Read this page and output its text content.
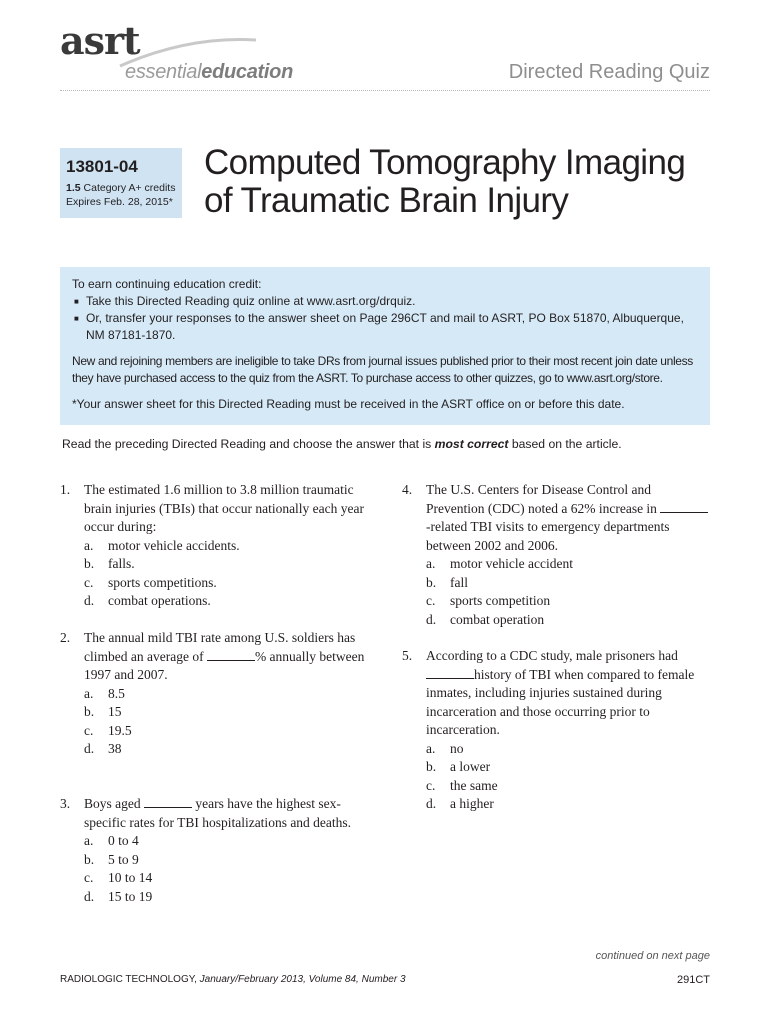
asrt
essentialeducation	Directed Reading Quiz
13801-04
1.5 Category A+ credits
Expires Feb. 28, 2015*
Computed Tomography Imaging
of Traumatic Brain Injury
To earn continuing education credit:
■ Take this Directed Reading quiz online at www.asrt.org/drquiz.
■ Or, transfer your responses to the answer sheet on Page 296CT and mail to ASRT, PO Box 51870, Albuquerque, NM 87181-1870.
New and rejoining members are ineligible to take DRs from journal issues published prior to their most recent join date unless they have purchased access to the quiz from the ASRT. To purchase access to other quizzes, go to www.asrt.org/store.
*Your answer sheet for this Directed Reading must be received in the ASRT office on or before this date.
Read the preceding Directed Reading and choose the answer that is most correct based on the article.
1. The estimated 1.6 million to 3.8 million traumatic brain injuries (TBIs) that occur nationally each year occur during:
a. motor vehicle accidents.
b. falls.
c. sports competitions.
d. combat operations.
2. The annual mild TBI rate among U.S. soldiers has climbed an average of	% annually between 1997 and 2007.
a. 8.5
b. 15
c. 19.5
d. 38
3. Boys aged	years have the highest sex-specific rates for TBI hospitalizations and deaths.
a. 0 to 4
b. 5 to 9
c. 10 to 14
d. 15 to 19
4. The U.S. Centers for Disease Control and Prevention (CDC) noted a 62% increase in  -related TBI visits to emergency departments between 2002 and 2006.
a. motor vehicle accident
b. fall
c. sports competition
d. combat operation
5. According to a CDC study, male prisoners had history of TBI when compared to female inmates, including injuries sustained during incarceration and those occurring prior to incarceration.
a. no
b. a lower
c. the same
d. a higher
continued on next page
RADIOLOGIC TECHNOLOGY, January/February 2013, Volume 84, Number 3	291CT
